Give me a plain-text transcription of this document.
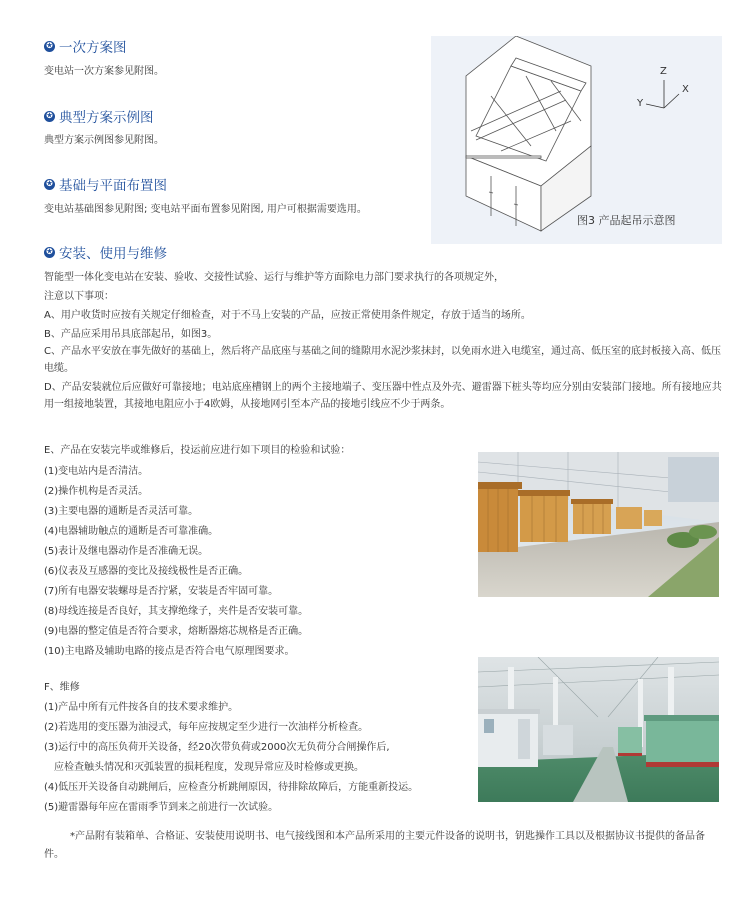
✪ 一次方案图
变电站一次方案参见附图。
✪ 典型方案示例图
典型方案示例图参见附图。
✪ 基础与平面布置图
变电站基础图参见附图; 变电站平面布置参见附图, 用户可根据需要选用。
✪ 安装、使用与维修
智能型一体化变电站在安装、验收、交接性试验、运行与维护等方面除电力部门要求执行的各项规定外，
注意以下事项：
A、用户收货时应按有关规定仔细检查，对于不马上安装的产品，应按正常使用条件规定，存放于适当的场所。
B、产品应采用吊具底部起吊，如图3。
C、产品水平安放在事先做好的基础上，然后将产品底座与基础之间的缝隙用水泥沙浆抹封，以免雨水进入电缆室，通过高、低压室的底封板接入高、低压电缆。
D、产品安装就位后应做好可靠接地；电站底座槽钢上的两个主接地端子、变压器中性点及外壳、避雷器下桩头等均应分别由安装部门接地。所有接地应共用一组接地装置，其接地电阻应小于4欧姆，从接地网引至本产品的接地引线应不少于两条。
Z
Y
X
图3 产品起吊示意图
E、产品在安装完毕或维修后，投运前应进行如下项目的检验和试验：
(1)变电站内是否清洁。
(2)操作机构是否灵活。
(3)主要电器的通断是否灵活可靠。
(4)电器辅助触点的通断是否可靠准确。
(5)表计及继电器动作是否准确无误。
(6)仪表及互感器的变比及接线极性是否正确。
(7)所有电器安装螺母是否拧紧，安装是否牢固可靠。
(8)母线连接是否良好，其支撑绝缘子，夹件是否安装可靠。
(9)电器的整定值是否符合要求，熔断器熔芯规格是否正确。
(10)主电路及辅助电路的接点是否符合电气原理图要求。
F、维修
(1)产品中所有元件按各自的技术要求维护。
(2)若选用的变压器为油浸式，每年应按规定至少进行一次油样分析检查。
(3)运行中的高压负荷开关设备，经20次带负荷或2000次无负荷分合闸操作后,
　应检查触头情况和灭弧装置的损耗程度，发现异常应及时检修或更换。
(4)低压开关设备自动跳闸后，应检查分析跳闸原因，待排除故障后，方能重新投运。
(5)避雷器每年应在雷雨季节到来之前进行一次试验。
*产品附有装箱单、合格证、安装使用说明书、电气接线图和本产品所采用的主要元件设备的说明书，钥匙操作工具以及根据协议书提供的备品备件。
